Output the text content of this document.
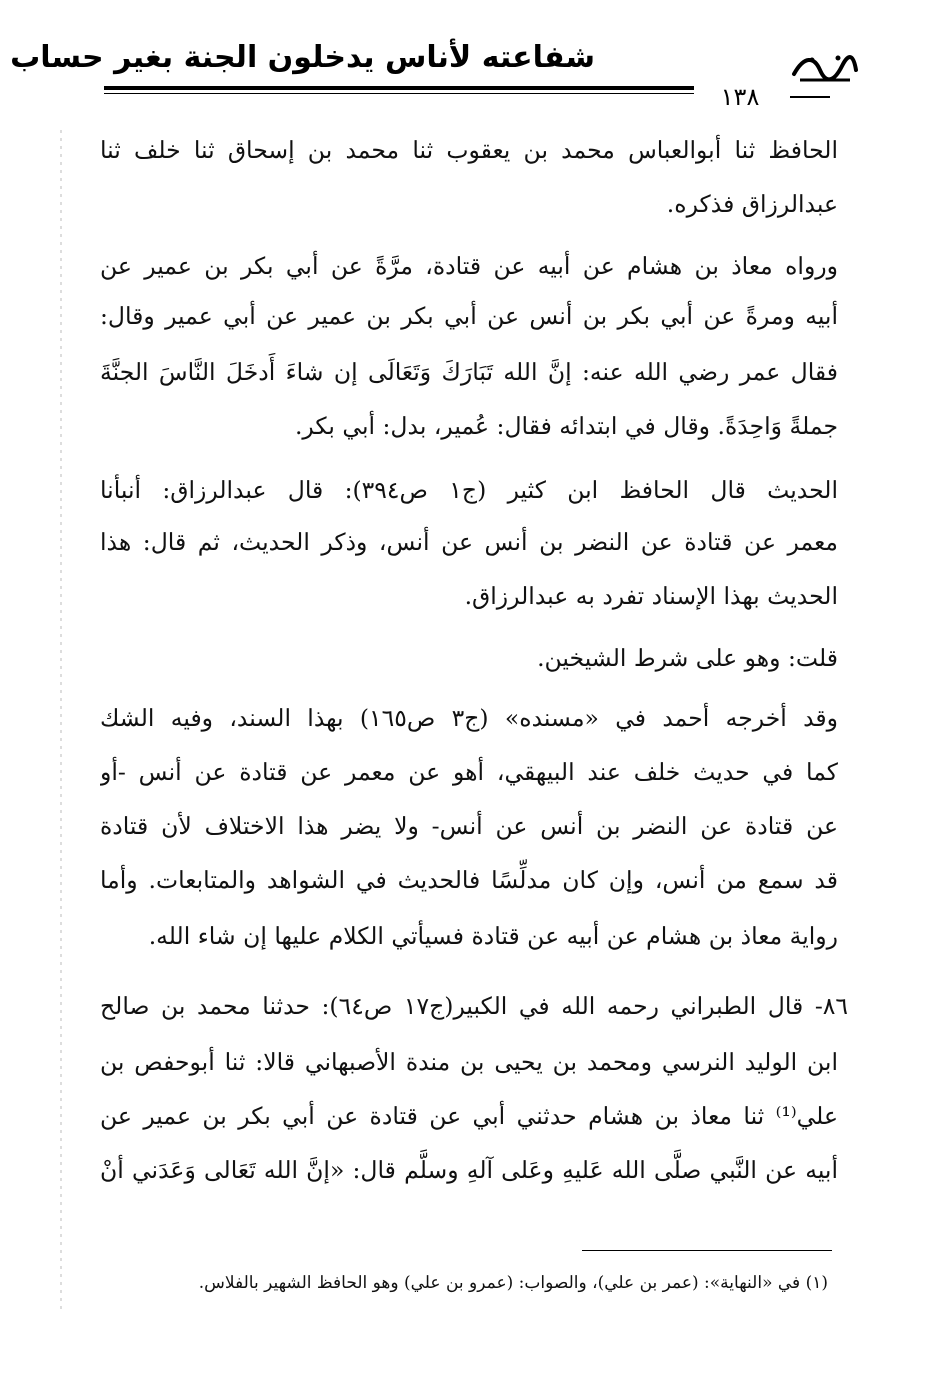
شفاعته لأناس يدخلون الجنة بغير حساب
١٣٨
الحافظ ثنا أبوالعباس محمد بن يعقوب ثنا محمد بن إسحاق ثنا خلف ثنا
عبدالرزاق فذكره.
ورواه معاذ بن هشام عن أبيه عن قتادة، مرَّةً عن أبي بكر بن عمير عن
أبيه ومرةً عن أبي بكر بن أنس عن أبي بكر بن عمير عن أبي عمير وقال:
فقال عمر رضي الله عنه: إنَّ الله تَبَارَكَ وَتَعَالَى إن شاءَ أَدخَلَ النَّاسَ الجنَّةَ
جملةً وَاحِدَةً. وقال في ابتدائه فقال: عُمير، بدل: أبي بكر.
الحديث قال الحافظ ابن كثير (ج١ ص٣٩٤): قال عبدالرزاق: أنبأنا
معمر عن قتادة عن النضر بن أنس عن أنس، وذكر الحديث، ثم قال: هذا
الحديث بهذا الإسناد تفرد به عبدالرزاق.
قلت: وهو على شرط الشيخين.
وقد أخرجه أحمد في «مسنده» (ج٣ ص١٦٥) بهذا السند، وفيه الشك
كما في حديث خلف عند البيهقي، أهو عن معمر عن قتادة عن أنس -أو
عن قتادة عن النضر بن أنس عن أنس- ولا يضر هذا الاختلاف لأن قتادة
قد سمع من أنس، وإن كان مدلِّسًا فالحديث في الشواهد والمتابعات. وأما
رواية معاذ بن هشام عن أبيه عن قتادة فسيأتي الكلام عليها إن شاء الله.
٨٦- قال الطبراني رحمه الله في الكبير(ج١٧ ص٦٤): حدثنا محمد بن صالح
ابن الوليد النرسي ومحمد بن يحيى بن مندة الأصبهاني قالا: ثنا أبوحفص بن
علي⁽¹⁾ ثنا معاذ بن هشام حدثني أبي عن قتادة عن أبي بكر بن عمير عن
أبيه عن النَّبي صلَّى الله عَليهِ وعَلى آلهِ وسلَّم قال: «إنَّ الله تَعَالى وَعَدَني أنْ
(١) في «النهاية»: (عمر بن علي)، والصواب: (عمرو بن علي) وهو الحافظ الشهير بالفلاس.
